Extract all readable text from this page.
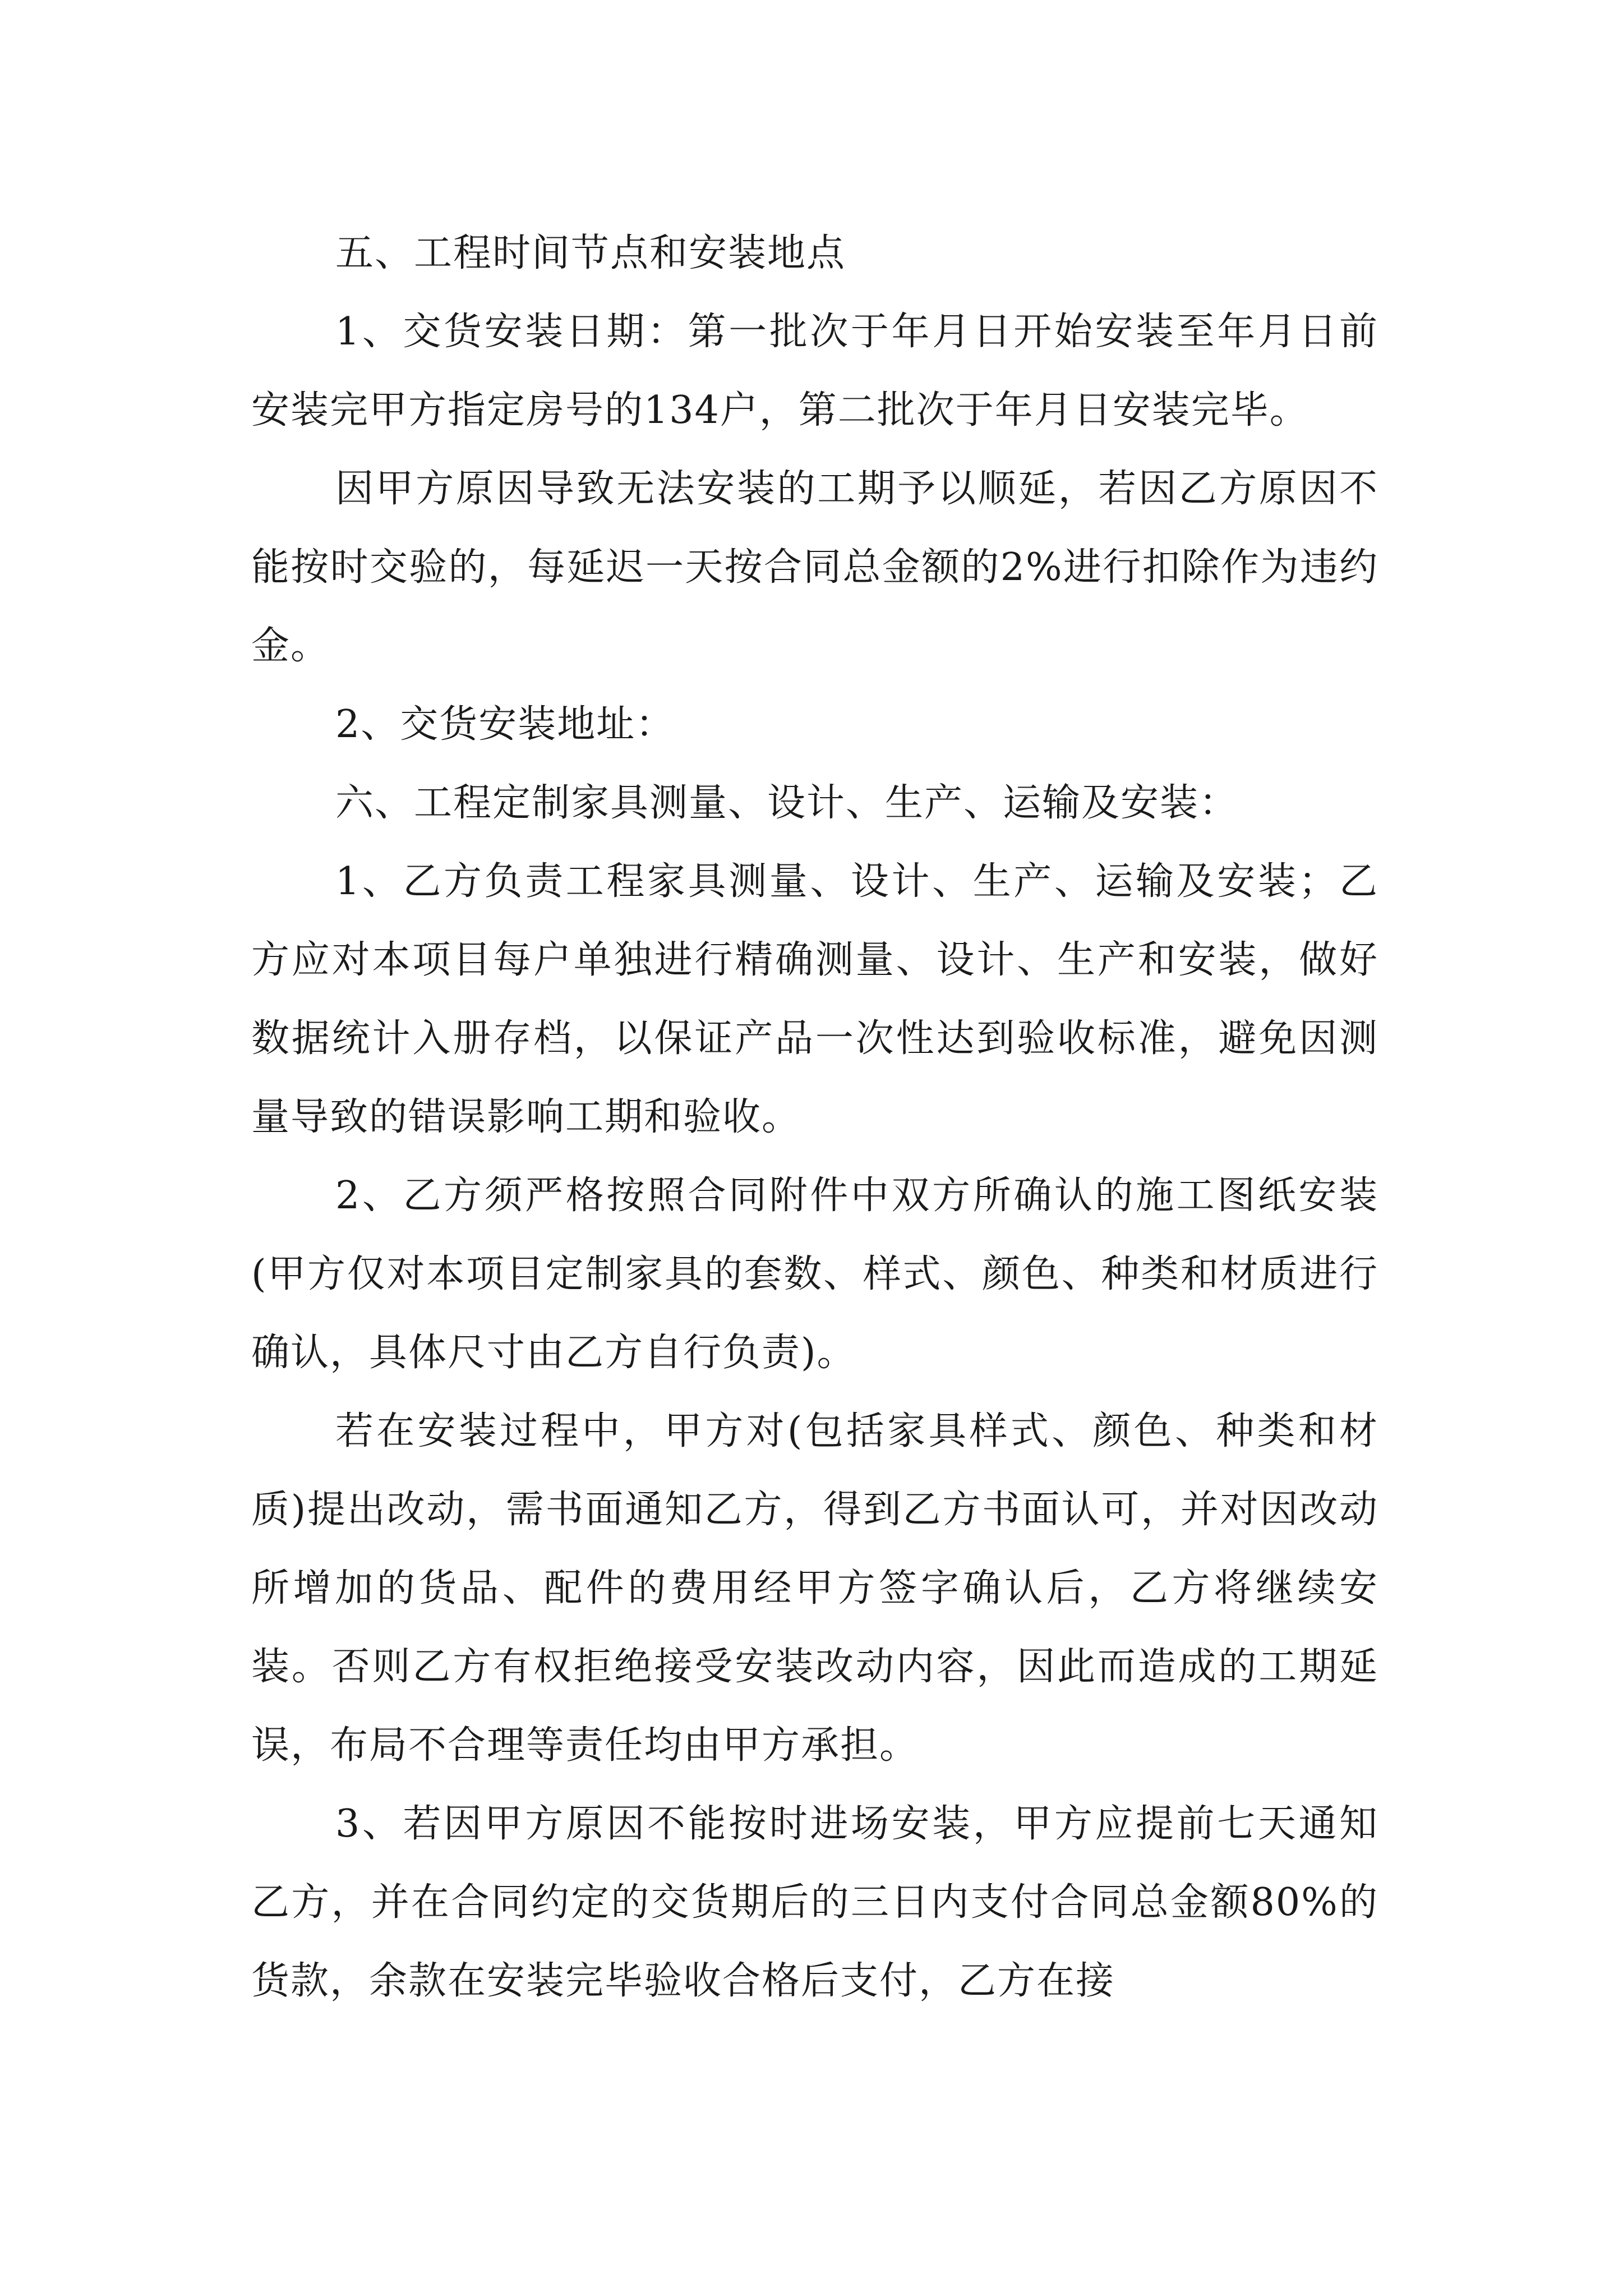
五、工程时间节点和安装地点

1、交货安装日期：第一批次于年月日开始安装至年月日前安装完甲方指定房号的134户，第二批次于年月日安装完毕。

因甲方原因导致无法安装的工期予以顺延，若因乙方原因不能按时交验的，每延迟一天按合同总金额的2%进行扣除作为违约金。

2、交货安装地址：

六、工程定制家具测量、设计、生产、运输及安装：

1、乙方负责工程家具测量、设计、生产、运输及安装；乙方应对本项目每户单独进行精确测量、设计、生产和安装，做好数据统计入册存档，以保证产品一次性达到验收标准，避免因测量导致的错误影响工期和验收。

2、乙方须严格按照合同附件中双方所确认的施工图纸安装(甲方仅对本项目定制家具的套数、样式、颜色、种类和材质进行确认，具体尺寸由乙方自行负责)。

若在安装过程中，甲方对(包括家具样式、颜色、种类和材质)提出改动，需书面通知乙方，得到乙方书面认可，并对因改动所增加的货品、配件的费用经甲方签字确认后，乙方将继续安装。否则乙方有权拒绝接受安装改动内容，因此而造成的工期延误，布局不合理等责任均由甲方承担。

3、若因甲方原因不能按时进场安装，甲方应提前七天通知乙方，并在合同约定的交货期后的三日内支付合同总金额80%的货款，余款在安装完毕验收合格后支付，乙方在接
